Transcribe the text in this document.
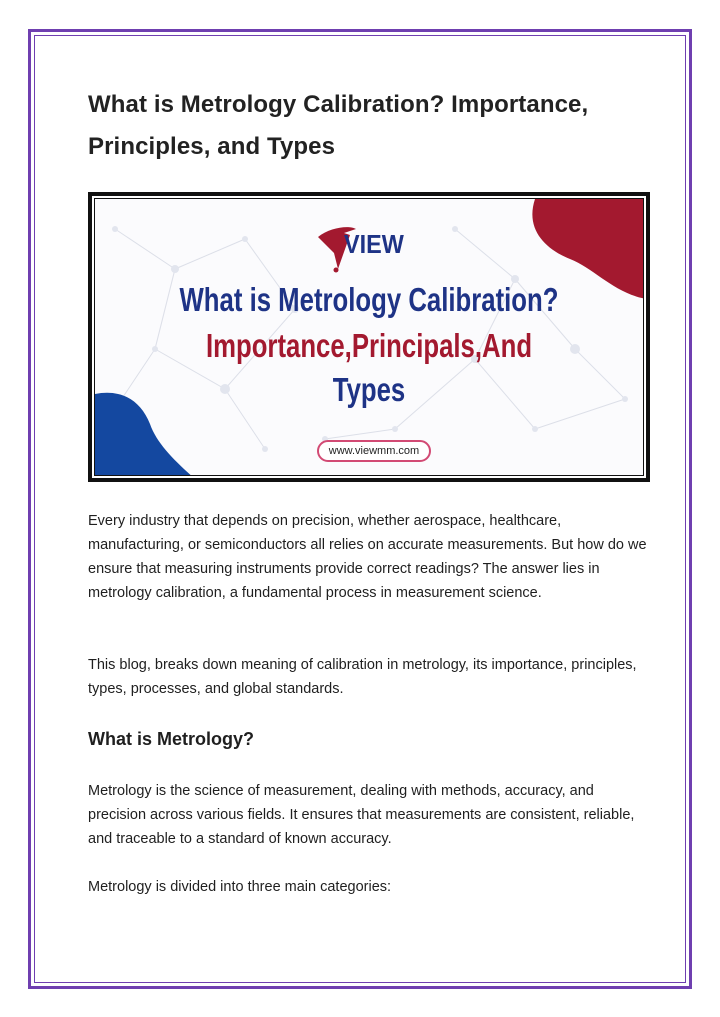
What is Metrology Calibration? Importance, Principles, and Types
VIEW
What is Metrology Calibration?
Importance,Principals,And
Types
www.viewmm.com

Every industry that depends on precision, whether aerospace, healthcare, manufacturing, or semiconductors all relies on accurate measurements. But how do we ensure that measuring instruments provide correct readings? The answer lies in metrology calibration, a fundamental process in measurement science.

This blog, breaks down meaning of calibration in metrology, its importance, principles, types, processes, and global standards.

What is Metrology?

Metrology is the science of measurement, dealing with methods, accuracy, and precision across various fields. It ensures that measurements are consistent, reliable, and traceable to a standard of known accuracy.

Metrology is divided into three main categories:
